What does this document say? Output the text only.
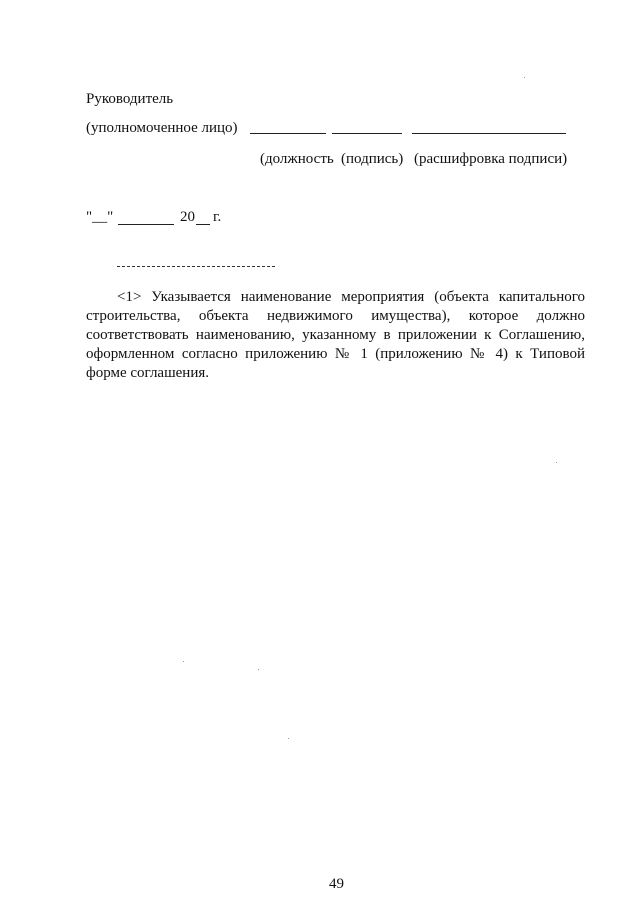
Руководитель
(уполномоченное лицо)
(должность (подпись) (расшифровка подписи)
"__"	20 г.
<1> Указывается наименование мероприятия (объекта капитального
строительства, объекта недвижимого имущества), которое должно
соответствовать наименованию, указанному в приложении к Соглашению,
оформленном согласно приложению № 1 (приложению № 4) к Типовой
форме соглашения.
49
